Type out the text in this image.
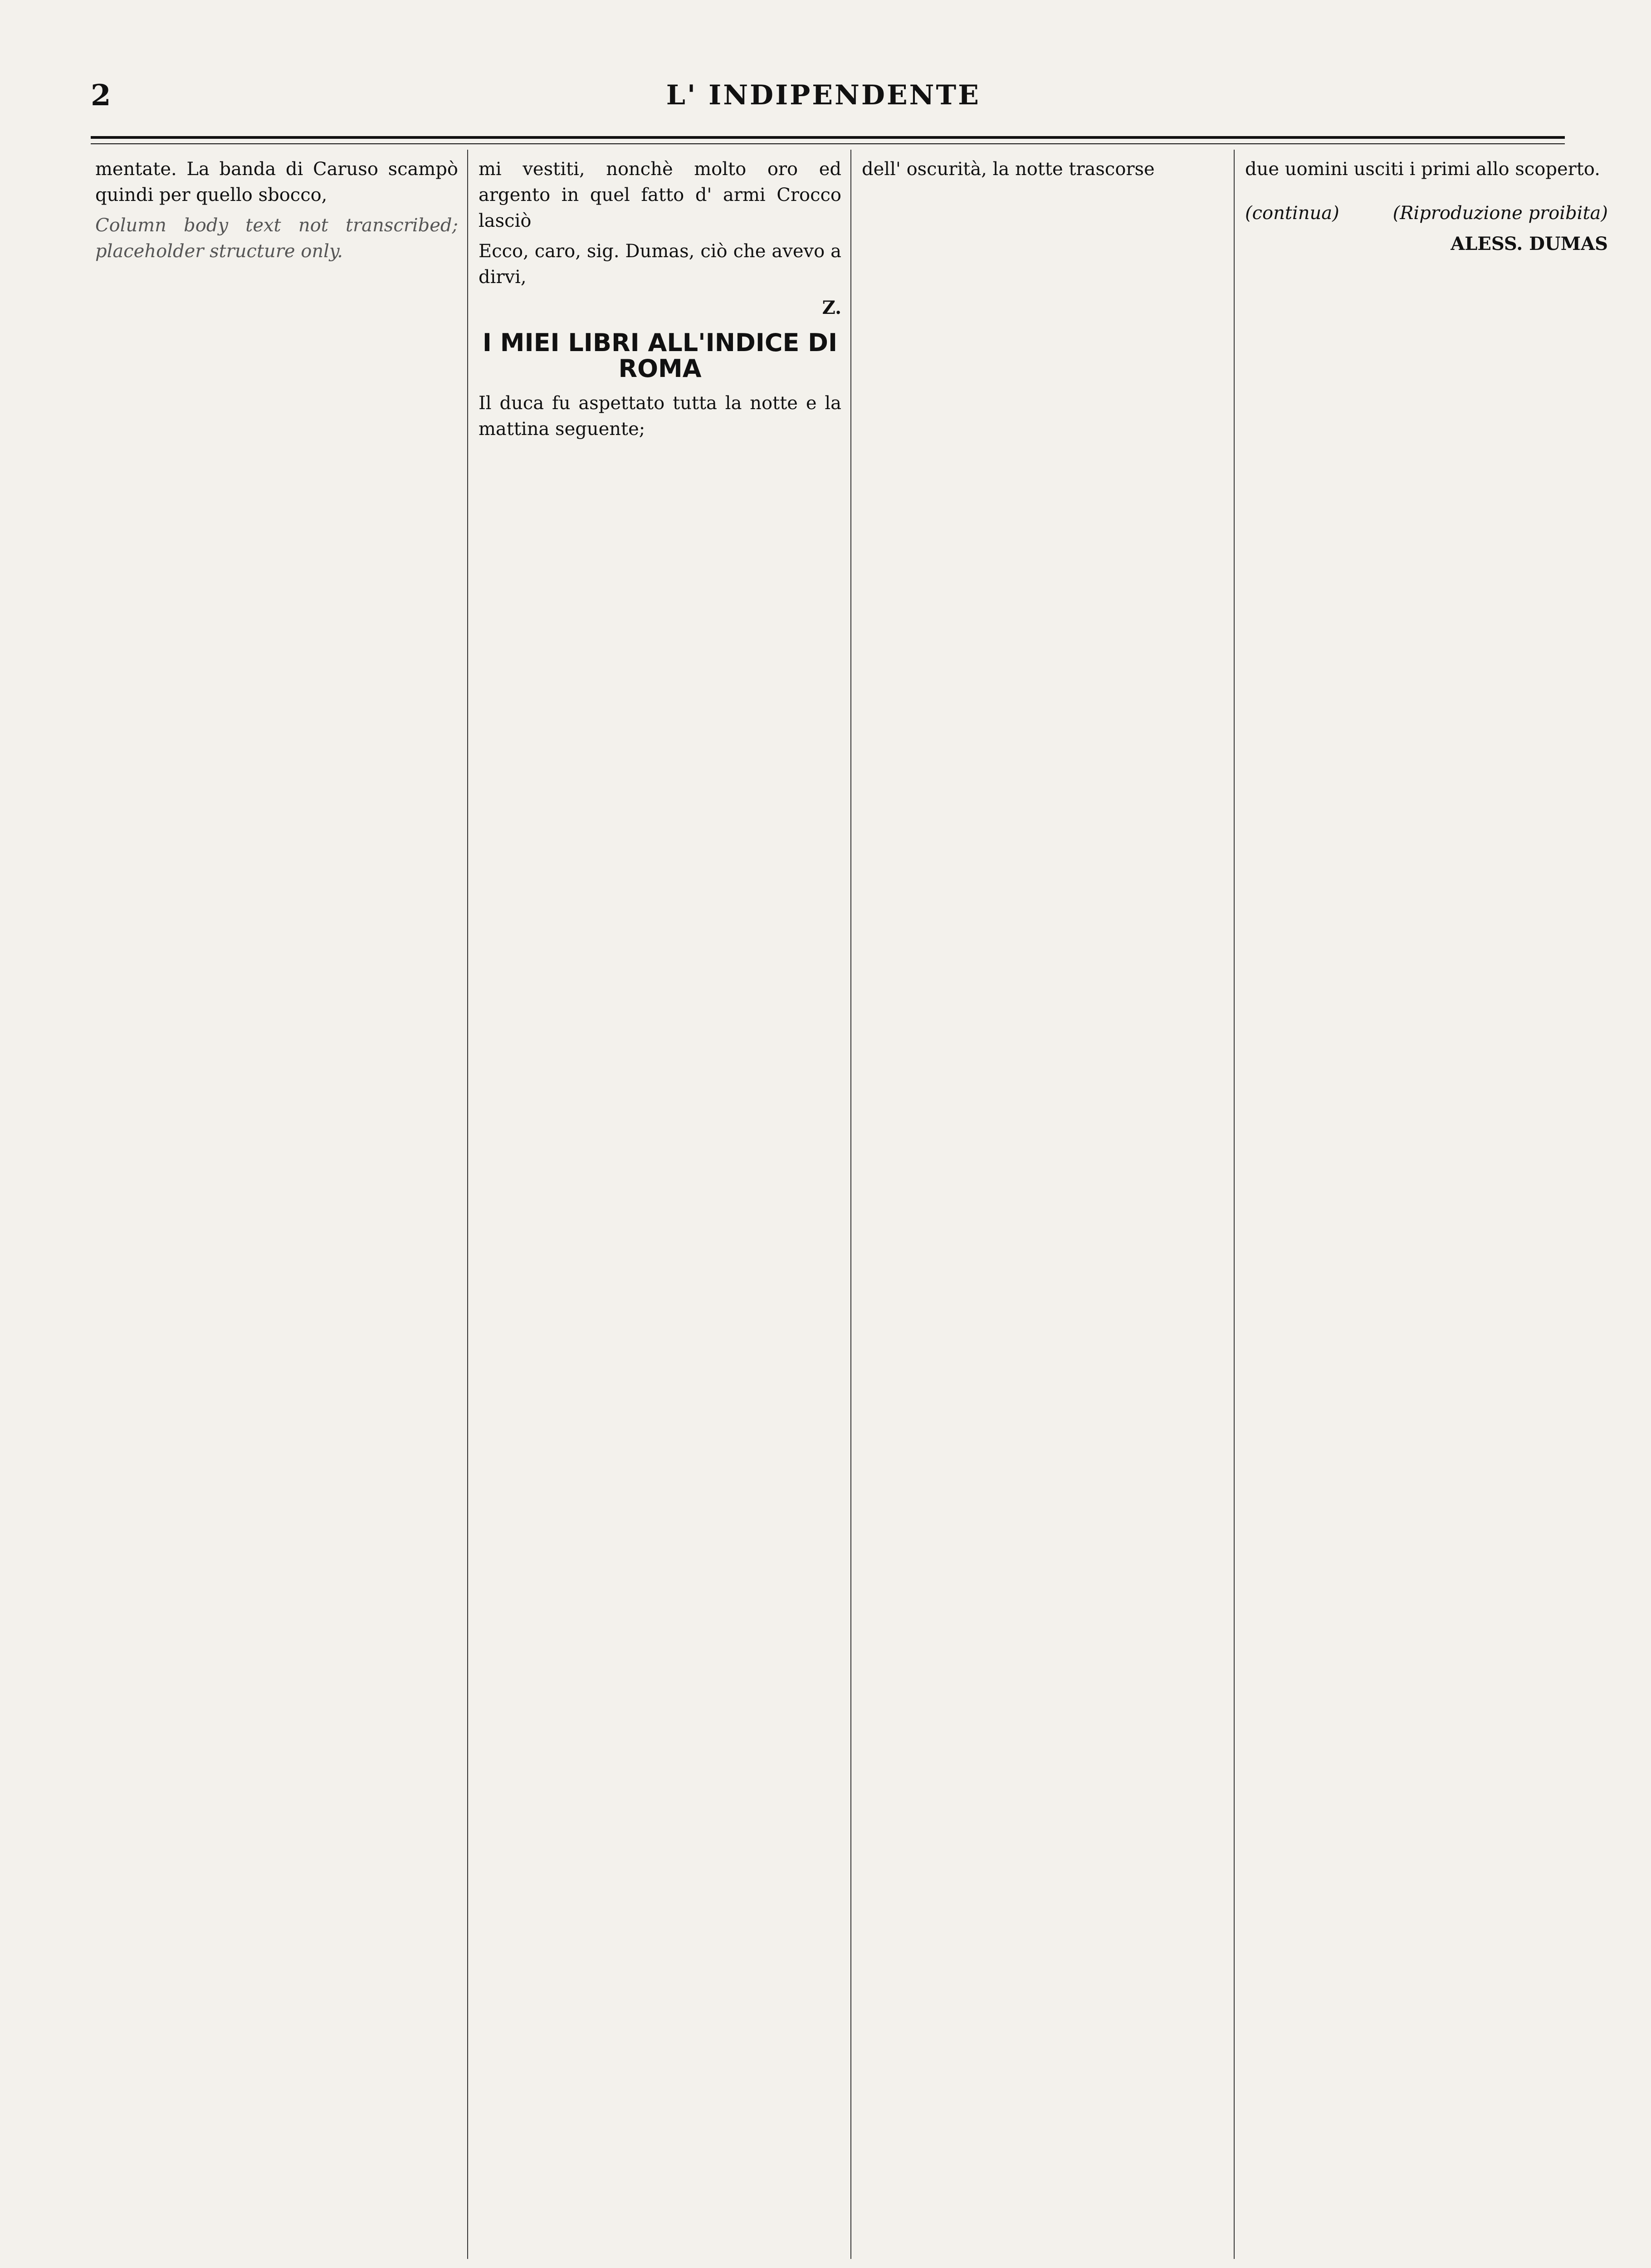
2	L' INDIPENDENTE

mentate. La banda di Caruso scampò quindi per quello sbocco,

Column body text not transcribed; placeholder structure only.

mi vestiti, nonchè molto oro ed argento in quel fatto d' armi Crocco lasciò

Ecco, caro, sig. Dumas, ciò che avevo a dirvi,

Z.

I MIEI LIBRI ALL'INDICE DI ROMA

Il duca fu aspettato tutta la notte e la mattina seguente;

dell' oscurità, la notte trascorse	due uomini usciti i primi allo scoperto.

(continua)	(Riproduzione proibita)

ALESS. DUMAS
